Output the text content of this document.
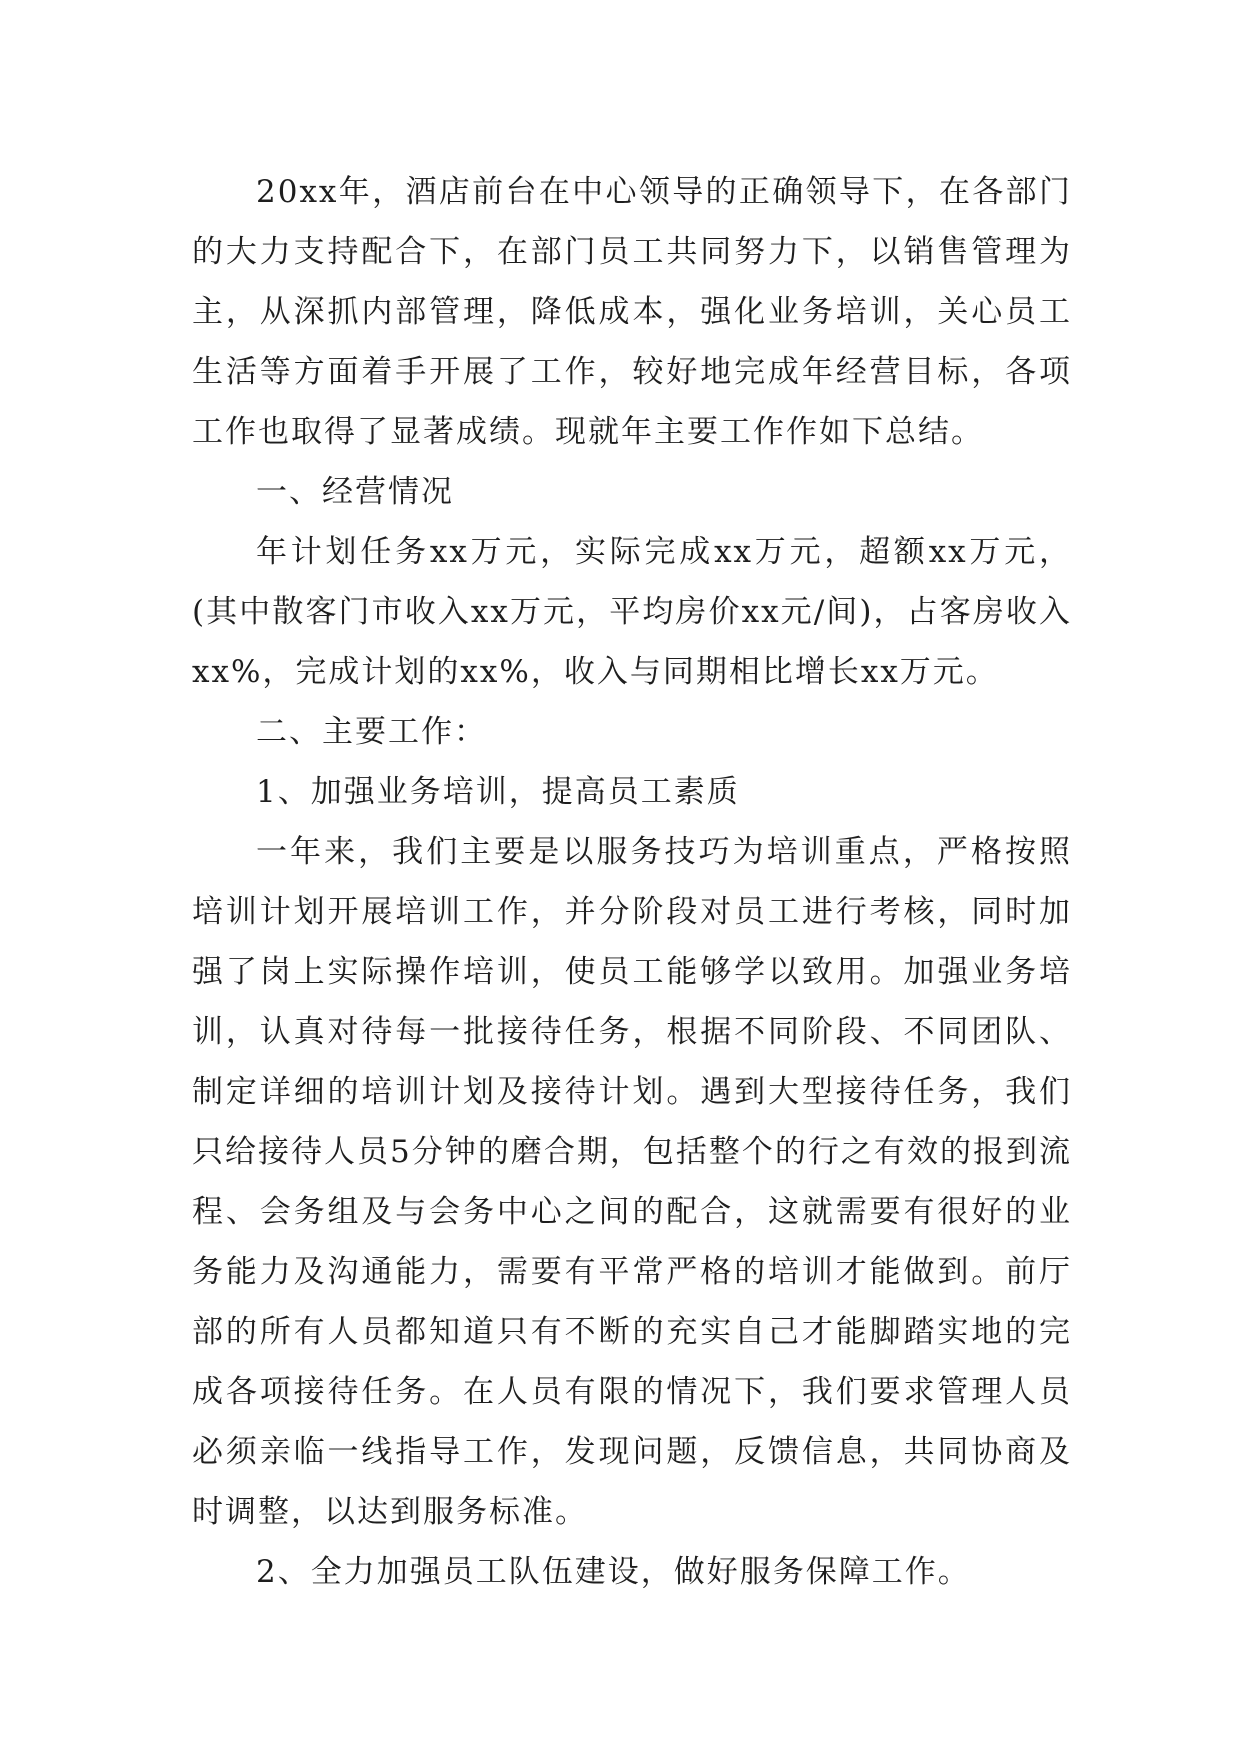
20xx年，酒店前台在中心领导的正确领导下，在各部门的大力支持配合下，在部门员工共同努力下，以销售管理为主，从深抓内部管理，降低成本，强化业务培训，关心员工生活等方面着手开展了工作，较好地完成年经营目标，各项工作也取得了显著成绩。现就年主要工作作如下总结。

一、经营情况

年计划任务xx万元，实际完成xx万元，超额xx万元，(其中散客门市收入xx万元，平均房价xx元/间)，占客房收入xx%，完成计划的xx%，收入与同期相比增长xx万元。

二、主要工作：

1、加强业务培训，提高员工素质

一年来，我们主要是以服务技巧为培训重点，严格按照培训计划开展培训工作，并分阶段对员工进行考核，同时加强了岗上实际操作培训，使员工能够学以致用。加强业务培训，认真对待每一批接待任务，根据不同阶段、不同团队、制定详细的培训计划及接待计划。遇到大型接待任务，我们只给接待人员5分钟的磨合期，包括整个的行之有效的报到流程、会务组及与会务中心之间的配合，这就需要有很好的业务能力及沟通能力，需要有平常严格的培训才能做到。前厅部的所有人员都知道只有不断的充实自己才能脚踏实地的完成各项接待任务。在人员有限的情况下，我们要求管理人员必须亲临一线指导工作，发现问题，反馈信息，共同协商及时调整，以达到服务标准。

2、全力加强员工队伍建设，做好服务保障工作。
